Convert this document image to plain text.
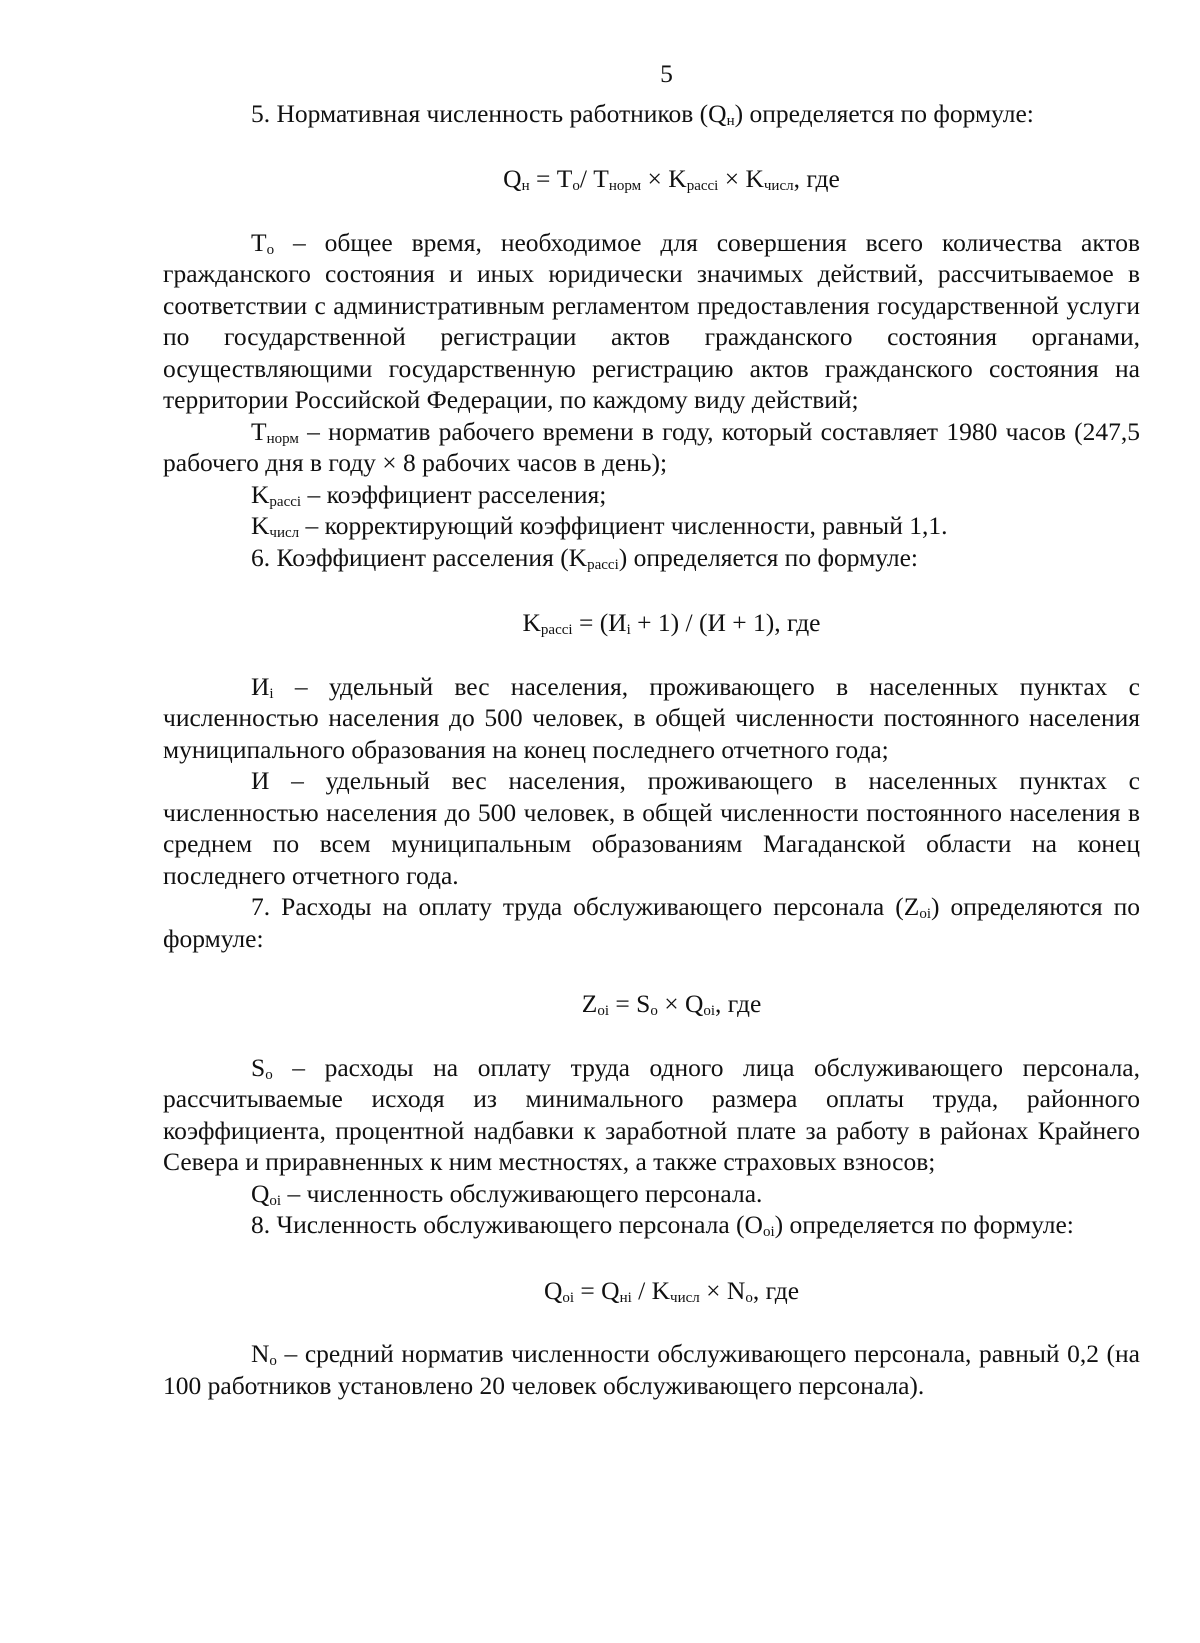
5

5. Нормативная численность работников $(Q_н)$ определяется по формуле:

$Q_н = T_о/$ $T_{норм} \times K_{рассi} \times K_{числ}$, где

$T_о$ – общее время, необходимое для совершения всего количества актов гражданского состояния и иных юридически значимых действий, рассчитываемое в соответствии с административным регламентом предоставления государственной услуги по государственной регистрации актов гражданского состояния органами, осуществляющими государственную регистрацию актов гражданского состояния на территории Российской Федерации, по каждому виду действий;

$T_{норм}$ – норматив рабочего времени в году, который составляет 1980 часов (247,5 рабочего дня в году × 8 рабочих часов в день);

$K_{рассi}$ – коэффициент расселения;

$K_{числ}$ – корректирующий коэффициент численности, равный 1,1.

6. Коэффициент расселения $(K_{рассi})$ определяется по формуле:

$K_{рассi} = (И_i + 1) / (И + 1)$, где

$И_i$ – удельный вес населения, проживающего в населенных пунктах с численностью населения до 500 человек, в общей численности постоянного населения муниципального образования на конец последнего отчетного года;

И – удельный вес населения, проживающего в населенных пунктах с численностью населения до 500 человек, в общей численности постоянного населения в среднем по всем муниципальным образованиям Магаданской области на конец последнего отчетного года.

7. Расходы на оплату труда обслуживающего персонала $(Z_{oi})$ определяются по формуле:

$Z_{oi} = S_o \times Q_{oi}$, где

$S_o$ – расходы на оплату труда одного лица обслуживающего персонала, рассчитываемые исходя из минимального размера оплаты труда, районного коэффициента, процентной надбавки к заработной плате за работу в районах Крайнего Севера и приравненных к ним местностях, а также страховых взносов;

$Q_{oi}$ – численность обслуживающего персонала.

8. Численность обслуживающего персонала $(O_{oi})$ определяется по формуле:

$Q_{oi} = Q_{нi} / K_{числ} \times N_o$, где

$N_o$ – средний норматив численности обслуживающего персонала, равный 0,2 (на 100 работников установлено 20 человек обслуживающего персонала).
